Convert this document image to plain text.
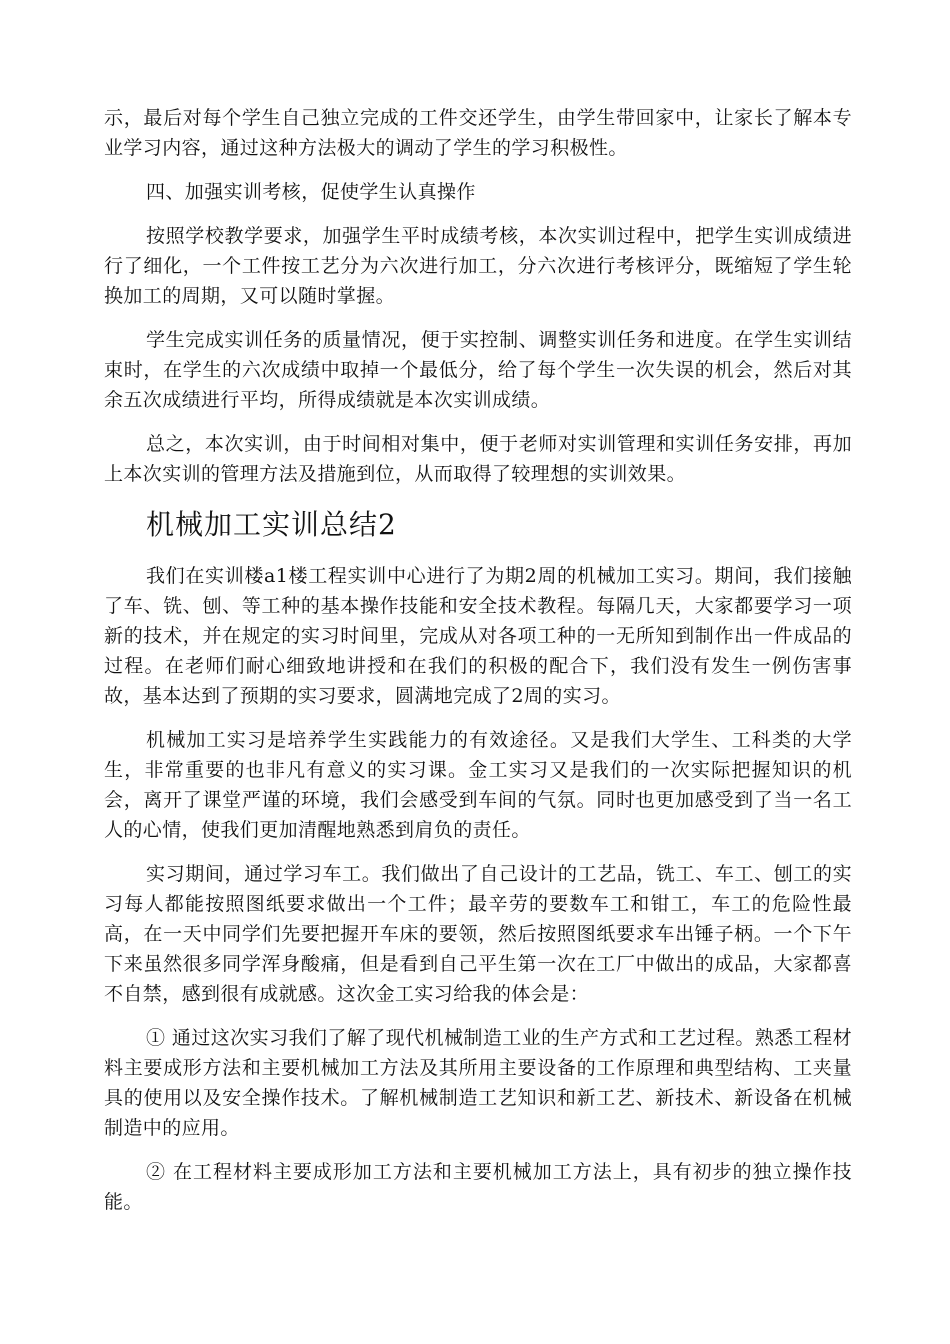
示，最后对每个学生自己独立完成的工件交还学生，由学生带回家中，让家长了解本专业学习内容，通过这种方法极大的调动了学生的学习积极性。

四、加强实训考核，促使学生认真操作

按照学校教学要求，加强学生平时成绩考核，本次实训过程中，把学生实训成绩进行了细化，一个工件按工艺分为六次进行加工，分六次进行考核评分，既缩短了学生轮换加工的周期，又可以随时掌握。

学生完成实训任务的质量情况，便于实控制、调整实训任务和进度。在学生实训结束时，在学生的六次成绩中取掉一个最低分，给了每个学生一次失误的机会，然后对其余五次成绩进行平均，所得成绩就是本次实训成绩。

总之，本次实训，由于时间相对集中，便于老师对实训管理和实训任务安排，再加上本次实训的管理方法及措施到位，从而取得了较理想的实训效果。

机械加工实训总结2

我们在实训楼a1楼工程实训中心进行了为期2周的机械加工实习。期间，我们接触了车、铣、刨、等工种的基本操作技能和安全技术教程。每隔几天，大家都要学习一项新的技术，并在规定的实习时间里，完成从对各项工种的一无所知到制作出一件成品的过程。在老师们耐心细致地讲授和在我们的积极的配合下，我们没有发生一例伤害事故，基本达到了预期的实习要求，圆满地完成了2周的实习。

机械加工实习是培养学生实践能力的有效途径。又是我们大学生、工科类的大学生，非常重要的也非凡有意义的实习课。金工实习又是我们的一次实际把握知识的机会，离开了课堂严谨的环境，我们会感受到车间的气氛。同时也更加感受到了当一名工人的心情，使我们更加清醒地熟悉到肩负的责任。

实习期间，通过学习车工。我们做出了自己设计的工艺品，铣工、车工、刨工的实习每人都能按照图纸要求做出一个工件；最辛劳的要数车工和钳工，车工的危险性最高，在一天中同学们先要把握开车床的要领，然后按照图纸要求车出锤子柄。一个下午下来虽然很多同学浑身酸痛，但是看到自己平生第一次在工厂中做出的成品，大家都喜不自禁，感到很有成就感。这次金工实习给我的体会是：

① 通过这次实习我们了解了现代机械制造工业的生产方式和工艺过程。熟悉工程材料主要成形方法和主要机械加工方法及其所用主要设备的工作原理和典型结构、工夹量具的使用以及安全操作技术。了解机械制造工艺知识和新工艺、新技术、新设备在机械制造中的应用。

② 在工程材料主要成形加工方法和主要机械加工方法上，具有初步的独立操作技能。
